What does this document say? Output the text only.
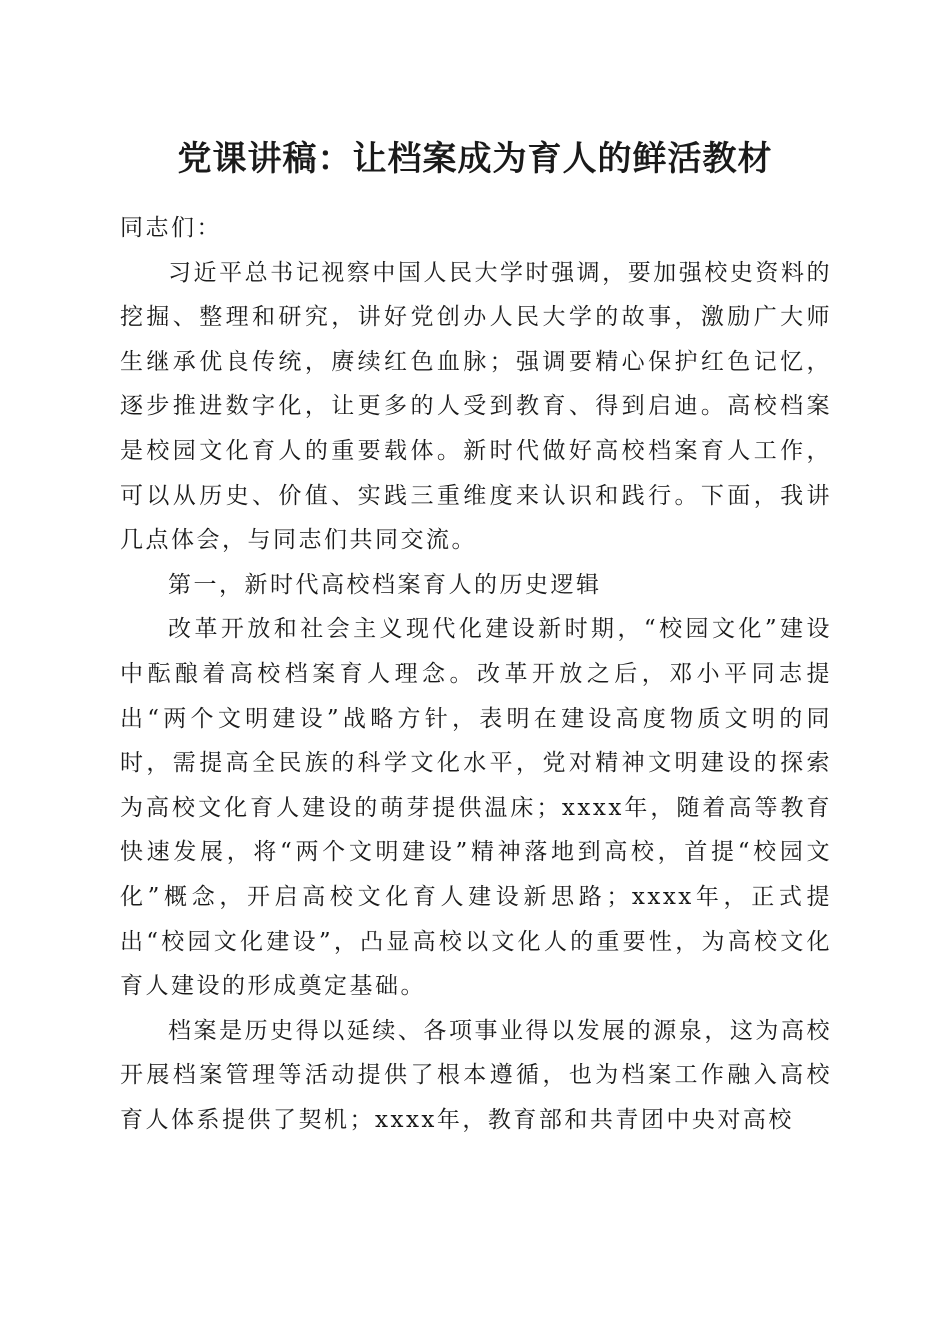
党课讲稿：让档案成为育人的鲜活教材

同志们：

习近平总书记视察中国人民大学时强调，要加强校史资料的挖掘、整理和研究，讲好党创办人民大学的故事，激励广大师生继承优良传统，赓续红色血脉；强调要精心保护红色记忆，逐步推进数字化，让更多的人受到教育、得到启迪。高校档案是校园文化育人的重要载体。新时代做好高校档案育人工作，可以从历史、价值、实践三重维度来认识和践行。下面，我讲几点体会，与同志们共同交流。

第一，新时代高校档案育人的历史逻辑

改革开放和社会主义现代化建设新时期，“校园文化”建设中酝酿着高校档案育人理念。改革开放之后，邓小平同志提出“两个文明建设”战略方针，表明在建设高度物质文明的同时，需提高全民族的科学文化水平，党对精神文明建设的探索为高校文化育人建设的萌芽提供温床；xxxx年，随着高等教育快速发展，将“两个文明建设”精神落地到高校，首提“校园文化”概念，开启高校文化育人建设新思路；xxxx年，正式提出“校园文化建设”，凸显高校以文化人的重要性，为高校文化育人建设的形成奠定基础。

档案是历史得以延续、各项事业得以发展的源泉，这为高校开展档案管理等活动提供了根本遵循，也为档案工作融入高校育人体系提供了契机；xxxx年，教育部和共青团中央对高校
